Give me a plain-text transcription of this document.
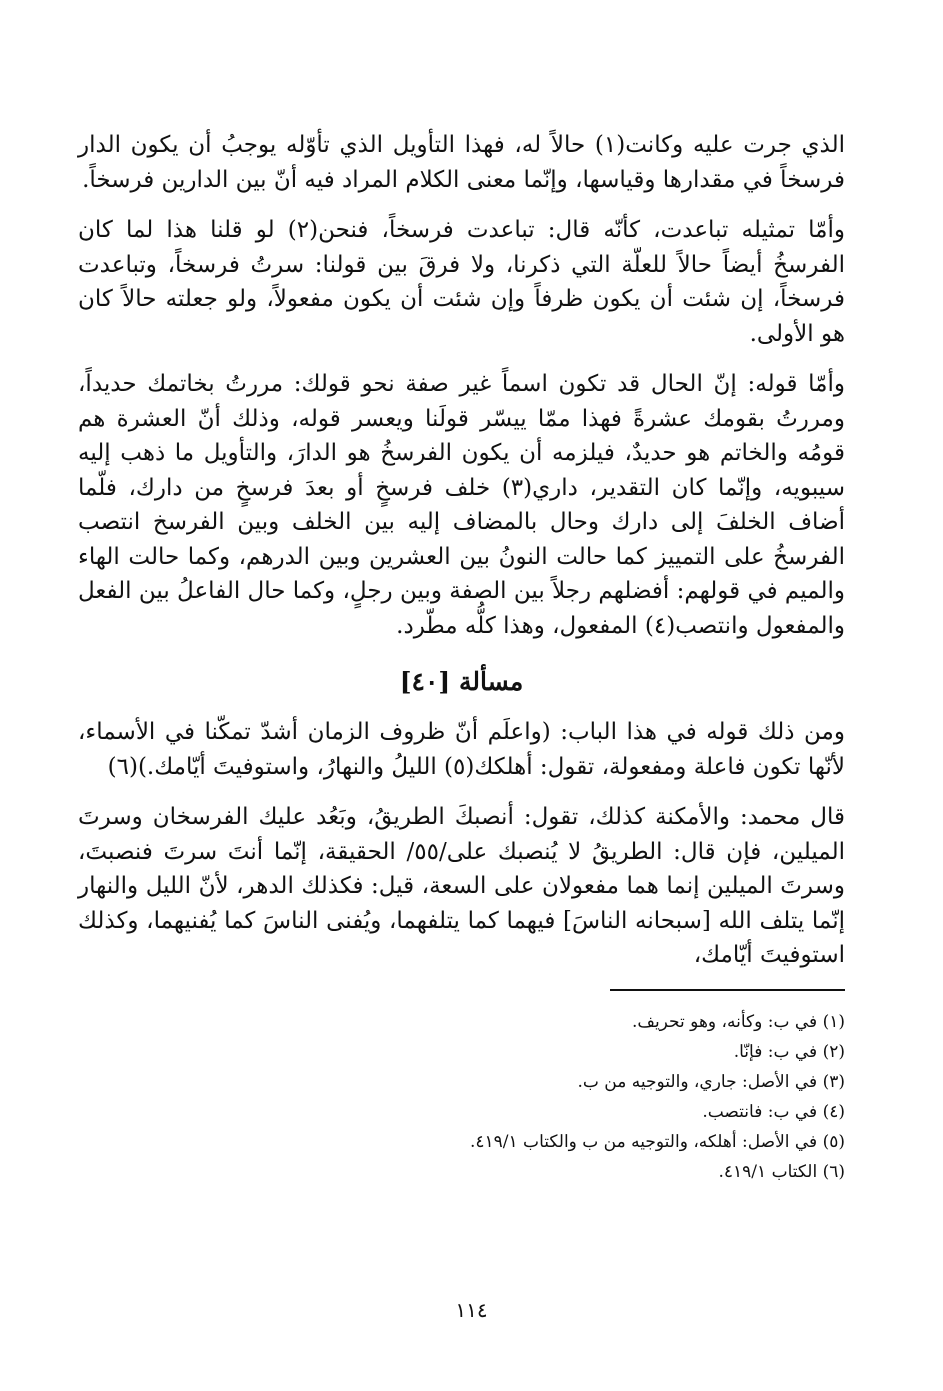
الذي جرت عليه وكانت(١) حالاً له، فهذا التأويل الذي تأوّله يوجبُ أن يكون الدار فرسخاً في مقدارها وقياسها، وإنّما معنى الكلام المراد فيه أنّ بين الدارين فرسخاً.

وأمّا تمثيله تباعدت، كأنّه قال: تباعدت فرسخاً، فنحن(٢) لو قلنا هذا لما كان الفرسخُ أيضاً حالاً للعلّة التي ذكرنا، ولا فرقَ بين قولنا: سرتُ فرسخاً، وتباعدت فرسخاً، إن شئت أن يكون ظرفاً وإن شئت أن يكون مفعولاً، ولو جعلته حالاً كان هو الأولى.

وأمّا قوله: إنّ الحال قد تكون اسماً غير صفة نحو قولك: مررتُ بخاتمك حديداً، ومررتُ بقومك عشرةً فهذا ممّا ييسّر قولَنا ويعسر قوله، وذلك أنّ العشرة هم قومُه والخاتم هو حديدٌ، فيلزمه أن يكون الفرسخُ هو الدارَ، والتأويل ما ذهب إليه سيبويه، وإنّما كان التقدير، داري(٣) خلف فرسخٍ أو بعدَ فرسخٍ من دارك، فلّما أضاف الخلفَ إلى دارك وحال بالمضاف إليه بين الخلف وبين الفرسخ انتصب الفرسخُ على التمييز كما حالت النونُ بين العشرين وبين الدرهم، وكما حالت الهاء والميم في قولهم: أفضلهم رجلاً بين الصفة وبين رجلٍ، وكما حال الفاعلُ بين الفعل والمفعول وانتصب(٤) المفعول، وهذا كلُّه مطّرد.

مسألة [٤٠]

ومن ذلك قوله في هذا الباب: (واعلَم أنّ ظروف الزمان أشدّ تمكّنا في الأسماء، لأنّها تكون فاعلة ومفعولة، تقول: أهلكك(٥) الليلُ والنهارُ، واستوفيتَ أيّامك.)(٦)

قال محمد: والأمكنة كذلك، تقول: أنصبكَ الطريقُ، وبَعُد عليك الفرسخان وسرتَ الميلين، فإن قال: الطريقُ لا يُنصبك على/٥٥/ الحقيقة، إنّما أنتَ سرتَ فنصبتَ، وسرتَ الميلين إنما هما مفعولان على السعة، قيل: فكذلك الدهر، لأنّ الليل والنهار إنّما يتلف الله [سبحانه الناسَ] فيهما كما يتلفهما، ويُفنى الناسَ كما يُفنيهما، وكذلك استوفيتَ أيّامك،

(١) في ب: وكأنه، وهو تحريف.
(٢) في ب: فإنّا.
(٣) في الأصل: جاري، والتوجيه من ب.
(٤) في ب: فانتصب.
(٥) في الأصل: أهلكه، والتوجيه من ب والكتاب ٤١٩/١.
(٦) الكتاب ٤١٩/١.
١١٤
